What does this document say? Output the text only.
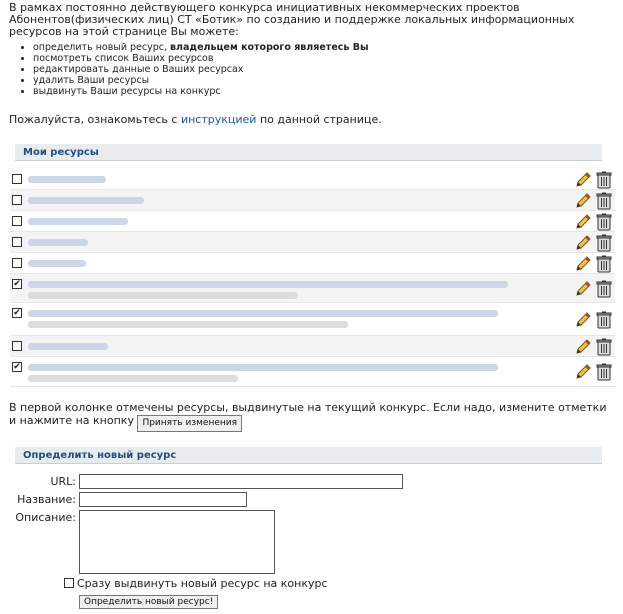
В рамках постоянно действующего конкурса инициативных некоммерческих проектов Абонентов(физических лиц) СТ «Ботик» по созданию и поддержке локальных информационных ресурсов на этой странице Вы можете:
• определить новый ресурс, владельцем которого являетесь Вы
• посмотреть список Ваших ресурсов
• редактировать данные о Ваших ресурсах
• удалить Ваши ресурсы
• выдвинуть Ваши ресурсы на конкурс
Пожалуйста, ознакомьтесь с инструкцией по данной странице.
Мои ресурсы
✔
✔
✔
В первой колонке отмечены ресурсы, выдвинутые на текущий конкурс. Если надо, измените отметки и нажмите на кнопку Принять изменения
Определить новый ресурс
URL:
Название:
Описание:
Сразу выдвинуть новый ресурс на конкурс
Определить новый ресурс!
